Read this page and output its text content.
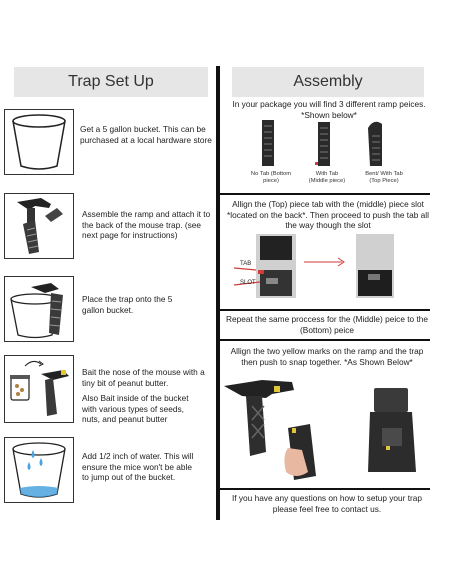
Trap Set Up	Assembly
Get a 5 gallon bucket. This can be purchased at a local hardware store
Assemble the ramp and attach it to the back of the mouse trap. (see next page for instructions)
Place the trap onto the 5 gallon bucket.
Bait the nose of the mouse with a tiny bit of peanut butter.
Also Bait inside of the bucket with various types of seeds, nuts, and peanut butter
Add 1/2 inch of water. This will ensure the mice won't be able to jump out of the bucket.
In your package you will find 3 different ramp peices. *Shown below*
No Tab (Bottom piece)
With Tab (Middle piece)
Bent/ With Tab (Top Piece)
Allign the (Top) piece tab with the (middle) piece slot *located on the back*. Then proceed to push the tab all the way though the slot
TAB
SLOT
Repeat the same proccess for the (Middle) peice to the (Bottom) peice
Allign the two yellow marks on the ramp and the trap then push to snap together. *As Shown Below*
If you have any questions on how to setup your trap please feel free to contact us.
